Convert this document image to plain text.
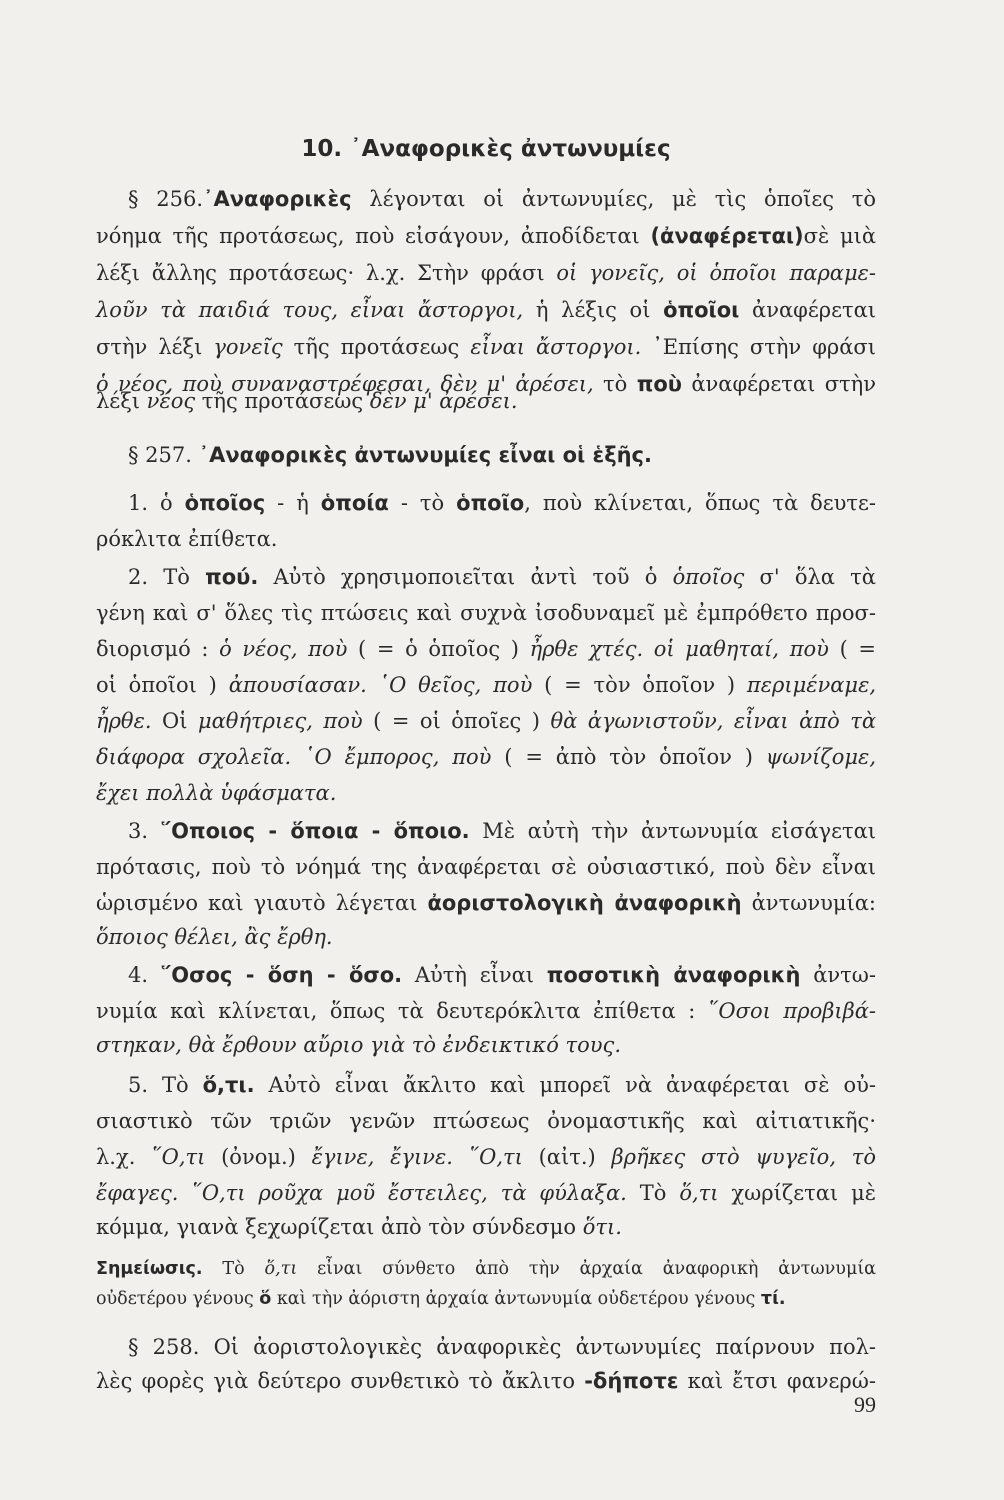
10. ᾿Αναφορικὲς ἀντωνυμίες

§ 256.᾿Αναφορικὲς λέγονται οἱ ἀντωνυμίες, μὲ τὶς ὁποῖες τὸ

νόημα τῆς προτάσεως, ποὺ εἰσάγουν, ἀποδίδεται (ἀναφέρεται)σὲ μιὰ

λέξι ἄλλης προτάσεως· λ.χ. Στὴν φράσι οἱ γονεῖς, οἱ ὁποῖοι παραμε-

λοῦν τὰ παιδιά τους, εἶναι ἄστοργοι, ἡ λέξις οἱ ὁποῖοι ἀναφέρεται

στὴν λέξι γονεῖς τῆς προτάσεως εἶναι ἄστοργοι. ᾿Επίσης στὴν φράσι

ὁ νέος, ποὺ συναναστρέφεσαι, δὲν μ' ἀρέσει, τὸ ποὺ ἀναφέρεται στὴν

λέξι νέος τῆς προτάσεως δὲν μ' ἀρέσει.

§ 257. ᾿Αναφορικὲς ἀντωνυμίες εἶναι οἱ ἑξῆς.

1. ὁ ὁποῖος - ἡ ὁποία - τὸ ὁποῖο, ποὺ κλίνεται, ὅπως τὰ δευτε-

ρόκλιτα ἐπίθετα.

2. Τὸ πού. Αὐτὸ χρησιμοποιεῖται ἀντὶ τοῦ ὁ ὁποῖος σ' ὅλα τὰ

γένη καὶ σ' ὅλες τὶς πτώσεις καὶ συχνὰ ἰσοδυναμεῖ μὲ ἐμπρόθετο προσ-

διορισμό : ὁ νέος, ποὺ ( = ὁ ὁποῖος ) ἦρθε χτές. οἱ μαθηταί, ποὺ ( =

οἱ ὁποῖοι ) ἀπουσίασαν. ῾Ο θεῖος, ποὺ ( = τὸν ὁποῖον ) περιμέναμε,

ἦρθε. Οἱ μαθήτριες, ποὺ ( = οἱ ὁποῖες ) θὰ ἀγωνιστοῦν, εἶναι ἀπὸ τὰ

διάφορα σχολεῖα. ῾Ο ἔμπορος, ποὺ ( = ἀπὸ τὸν ὁποῖον ) ψωνίζομε,

ἔχει πολλὰ ὑφάσματα.

3. ῞Οποιος - ὅποια - ὅποιο. Μὲ αὐτὴ τὴν ἀντωνυμία εἰσάγεται

πρότασις, ποὺ τὸ νόημά της ἀναφέρεται σὲ οὐσιαστικό, ποὺ δὲν εἶναι

ὡρισμένο καὶ γιαυτὸ λέγεται ἀοριστολογικὴ ἀναφορικὴ ἀντωνυμία:

ὅποιος θέλει, ἂς ἔρθη.

4. ῞Οσος - ὅση - ὅσο. Αὐτὴ εἶναι ποσοτικὴ ἀναφορικὴ ἀντω-

νυμία καὶ κλίνεται, ὅπως τὰ δευτερόκλιτα ἐπίθετα : ῞Οσοι προβιβά-

στηκαν, θὰ ἔρθουν αὔριο γιὰ τὸ ἐνδεικτικό τους.

5. Τὸ ὅ,τι. Αὐτὸ εἶναι ἄκλιτο καὶ μπορεῖ νὰ ἀναφέρεται σὲ οὐ-

σιαστικὸ τῶν τριῶν γενῶν πτώσεως ὀνομαστικῆς καὶ αἰτιατικῆς·

λ.χ. ῞Ο,τι (ὀνομ.) ἔγινε, ἔγινε. ῞Ο,τι (αἰτ.) βρῆκες στὸ ψυγεῖο, τὸ

ἔφαγες. ῞Ο,τι ροῦχα μοῦ ἔστειλες, τὰ φύλαξα. Τὸ ὅ,τι χωρίζεται μὲ

κόμμα, γιανὰ ξεχωρίζεται ἀπὸ τὸν σύνδεσμο ὅτι.

Σημείωσις. Τὸ ὅ,τι εἶναι σύνθετο ἀπὸ τὴν ἀρχαία ἀναφορικὴ ἀντωνυμία

οὐδετέρου γένους ὅ καὶ τὴν ἀόριστη ἀρχαία ἀντωνυμία οὐδετέρου γένους τί.

§ 258. Οἱ ἀοριστολογικὲς ἀναφορικὲς ἀντωνυμίες παίρνουν πολ-

λὲς φορὲς γιὰ δεύτερο συνθετικὸ τὸ ἄκλιτο -δήποτε καὶ ἔτσι φανερώ-

99
